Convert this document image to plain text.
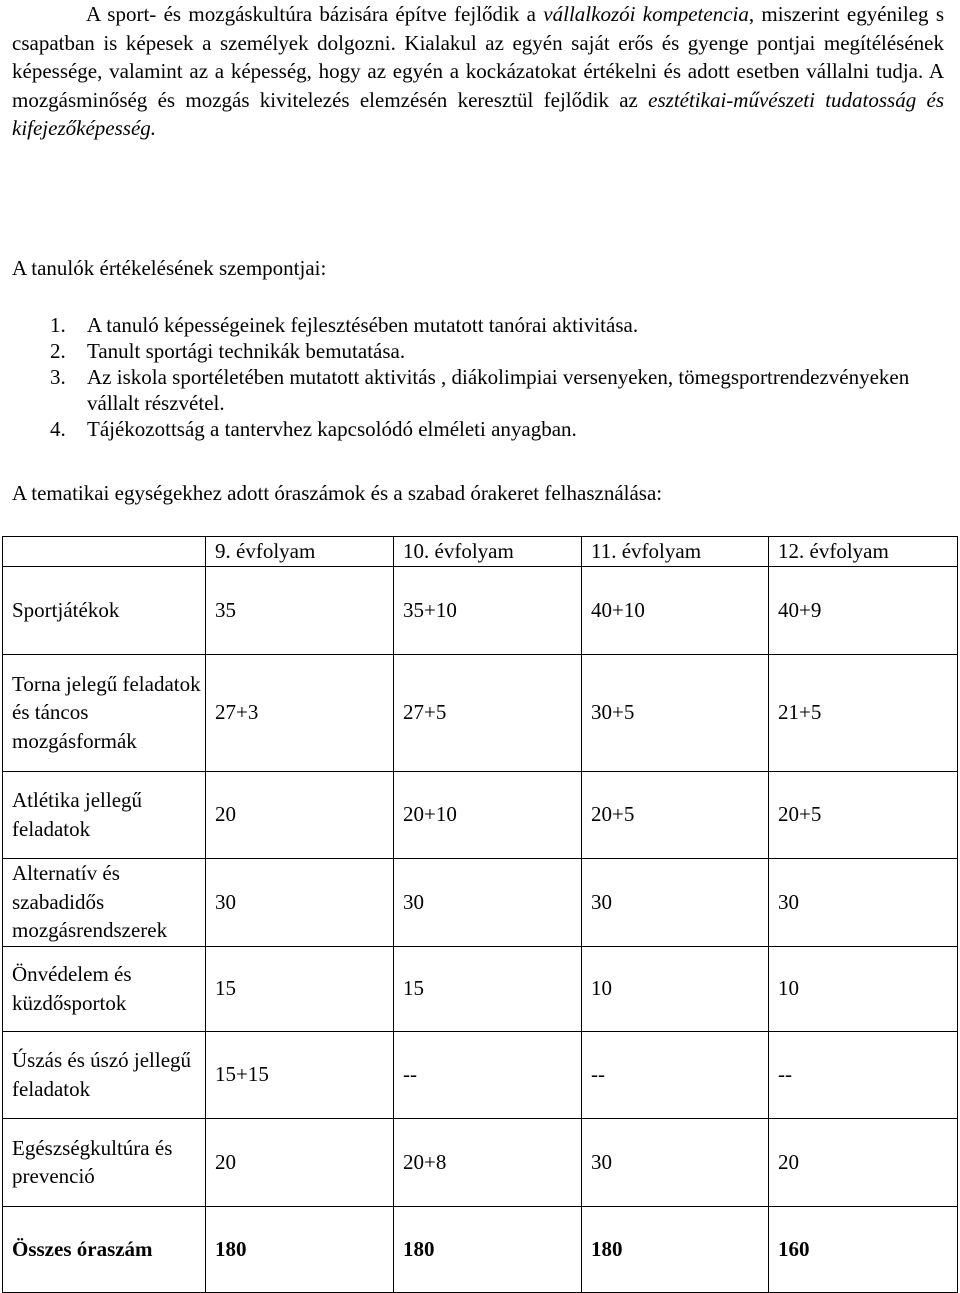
A sport- és mozgáskultúra bázisára építve fejlődik a vállalkozói kompetencia, miszerint egyénileg s csapatban is képesek a személyek dolgozni. Kialakul az egyén saját erős és gyenge pontjai megítélésének képessége, valamint az a képesség, hogy az egyén a kockázatokat értékelni és adott esetben vállalni tudja. A mozgásminőség és mozgás kivitelezés elemzésén keresztül fejlődik az esztétikai-művészeti tudatosság és kifejezőképesség.

A tanulók értékelésének szempontjai:
1. A tanuló képességeinek fejlesztésében mutatott tanórai aktivitása.
2. Tanult sportági technikák bemutatása.
3. Az iskola sportéletében mutatott aktivitás , diákolimpiai versenyeken, tömegsportrendezvényeken vállalt részvétel.
4. Tájékozottság a tantervhez kapcsolódó elméleti anyagban.
A tematikai egységekhez adott óraszámok és a szabad órakeret felhasználása:
	9. évfolyam	10. évfolyam	11. évfolyam	12. évfolyam
Sportjátékok	35	35+10	40+10	40+9
Torna jelegű feladatok és táncos mozgásformák	27+3	27+5	30+5	21+5
Atlétika jellegű feladatok	20	20+10	20+5	20+5
Alternatív és szabadidős mozgásrendszerek	30	30	30	30
Önvédelem és küzdősportok	15	15	10	10
Úszás és úszó jellegű feladatok	15+15	--	--	--
Egészségkultúra és prevenció	20	20+8	30	20
Összes óraszám	180	180	180	160
